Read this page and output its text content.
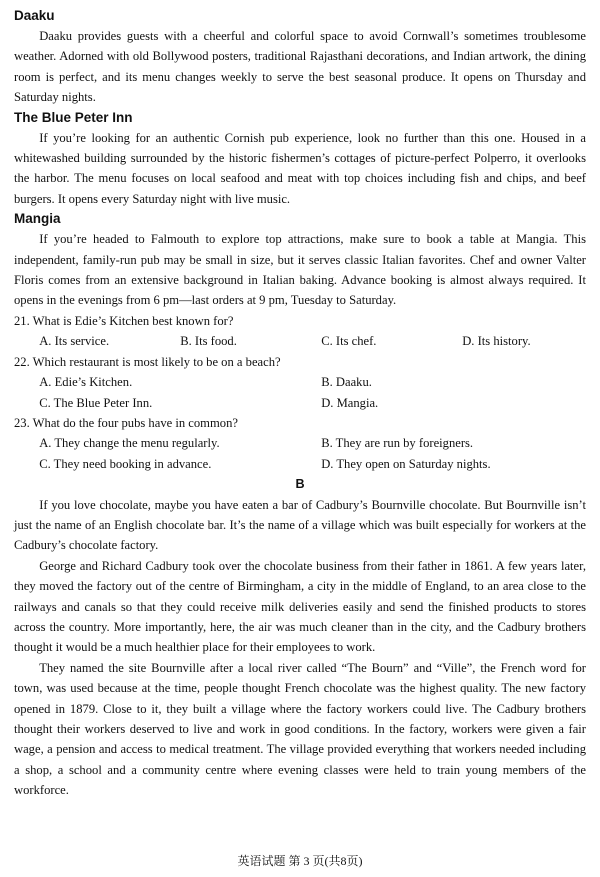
Daaku

Daaku provides guests with a cheerful and colorful space to avoid Cornwall’s sometimes troublesome weather. Adorned with old Bollywood posters, traditional Rajasthani decorations, and Indian artwork, the dining room is perfect, and its menu changes weekly to serve the best seasonal produce. It opens on Thursday and Saturday nights.

The Blue Peter Inn

If you’re looking for an authentic Cornish pub experience, look no further than this one. Housed in a whitewashed building surrounded by the historic fishermen’s cottages of picture-perfect Polperro, it overlooks the harbor. The menu focuses on local seafood and meat with top choices including fish and chips, and beef burgers. It opens every Saturday night with live music.

Mangia

If you’re headed to Falmouth to explore top attractions, make sure to book a table at Mangia. This independent, family-run pub may be small in size, but it serves classic Italian favorites. Chef and owner Valter Floris comes from an extensive background in Italian baking. Advance booking is almost always required. It opens in the evenings from 6 pm—last orders at 9 pm, Tuesday to Saturday.

21. What is Edie’s Kitchen best known for?

A. Its service.	B. Its food.	C. Its chef.	D. Its history.

22. Which restaurant is most likely to be on a beach?

A. Edie’s Kitchen.	B. Daaku.
C. The Blue Peter Inn.	D. Mangia.

23. What do the four pubs have in common?

A. They change the menu regularly.	B. They are run by foreigners.
C. They need booking in advance.	D. They open on Saturday nights.

B

If you love chocolate, maybe you have eaten a bar of Cadbury’s Bournville chocolate. But Bournville isn’t just the name of an English chocolate bar. It’s the name of a village which was built especially for workers at the Cadbury’s chocolate factory.

George and Richard Cadbury took over the chocolate business from their father in 1861. A few years later, they moved the factory out of the centre of Birmingham, a city in the middle of England, to an area close to the railways and canals so that they could receive milk deliveries easily and send the finished products to stores across the country. More importantly, here, the air was much cleaner than in the city, and the Cadbury brothers thought it would be a much healthier place for their employees to work.

They named the site Bournville after a local river called “The Bourn” and “Ville”, the French word for town, was used because at the time, people thought French chocolate was the highest quality. The new factory opened in 1879. Close to it, they built a village where the factory workers could live. The Cadbury brothers thought their workers deserved to live and work in good conditions. In the factory, workers were given a fair wage, a pension and access to medical treatment. The village provided everything that workers needed including a shop, a school and a community centre where evening classes were held to train young members of the workforce.

英语试题 第 3 页(共8页)
